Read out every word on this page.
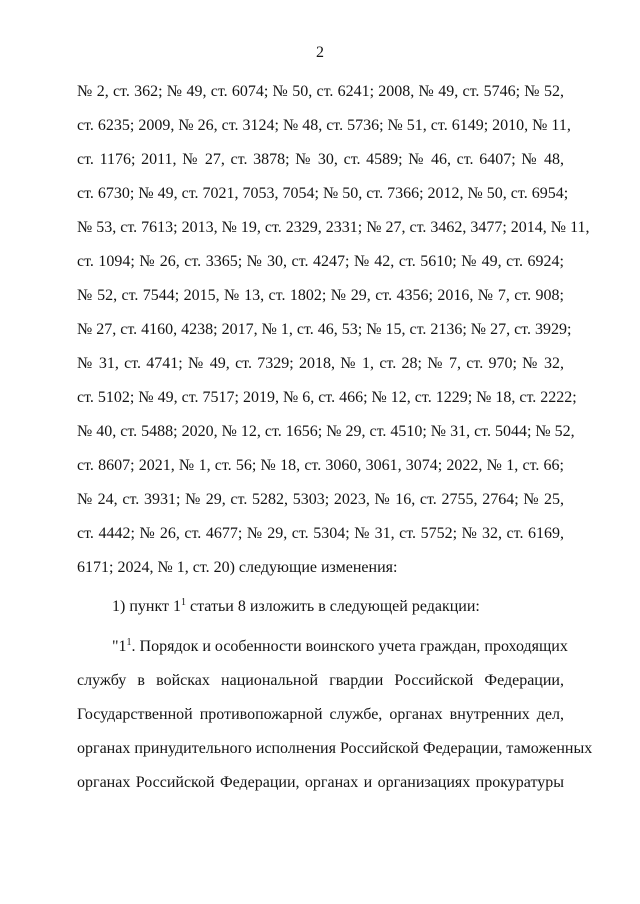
2
№ 2, ст. 362; № 49, ст. 6074; № 50, ст. 6241; 2008, № 49, ст. 5746; № 52,
ст. 6235; 2009, № 26, ст. 3124; № 48, ст. 5736; № 51, ст. 6149; 2010, № 11,
ст. 1176; 2011, № 27, ст. 3878; № 30, ст. 4589; № 46, ст. 6407; № 48,
ст. 6730; № 49, ст. 7021, 7053, 7054; № 50, ст. 7366; 2012, № 50, ст. 6954;
№ 53, ст. 7613; 2013, № 19, ст. 2329, 2331; № 27, ст. 3462, 3477; 2014, № 11,
ст. 1094; № 26, ст. 3365; № 30, ст. 4247; № 42, ст. 5610; № 49, ст. 6924;
№ 52, ст. 7544; 2015, № 13, ст. 1802; № 29, ст. 4356; 2016, № 7, ст. 908;
№ 27, ст. 4160, 4238; 2017, № 1, ст. 46, 53; № 15, ст. 2136; № 27, ст. 3929;
№ 31, ст. 4741; № 49, ст. 7329; 2018, № 1, ст. 28; № 7, ст. 970; № 32,
ст. 5102; № 49, ст. 7517; 2019, № 6, ст. 466; № 12, ст. 1229; № 18, ст. 2222;
№ 40, ст. 5488; 2020, № 12, ст. 1656; № 29, ст. 4510; № 31, ст. 5044; № 52,
ст. 8607; 2021, № 1, ст. 56; № 18, ст. 3060, 3061, 3074; 2022, № 1, ст. 66;
№ 24, ст. 3931; № 29, ст. 5282, 5303; 2023, № 16, ст. 2755, 2764; № 25,
ст. 4442; № 26, ст. 4677; № 29, ст. 5304; № 31, ст. 5752; № 32, ст. 6169,
6171; 2024, № 1, ст. 20) следующие изменения:
1) пункт $1^1$ статьи 8 изложить в следующей редакции:
"$1^1$. Порядок и особенности воинского учета граждан, проходящих
службу в войсках национальной гвардии Российской Федерации,
Государственной противопожарной службе, органах внутренних дел,
органах принудительного исполнения Российской Федерации, таможенных
органах Российской Федерации, органах и организациях прокуратуры
